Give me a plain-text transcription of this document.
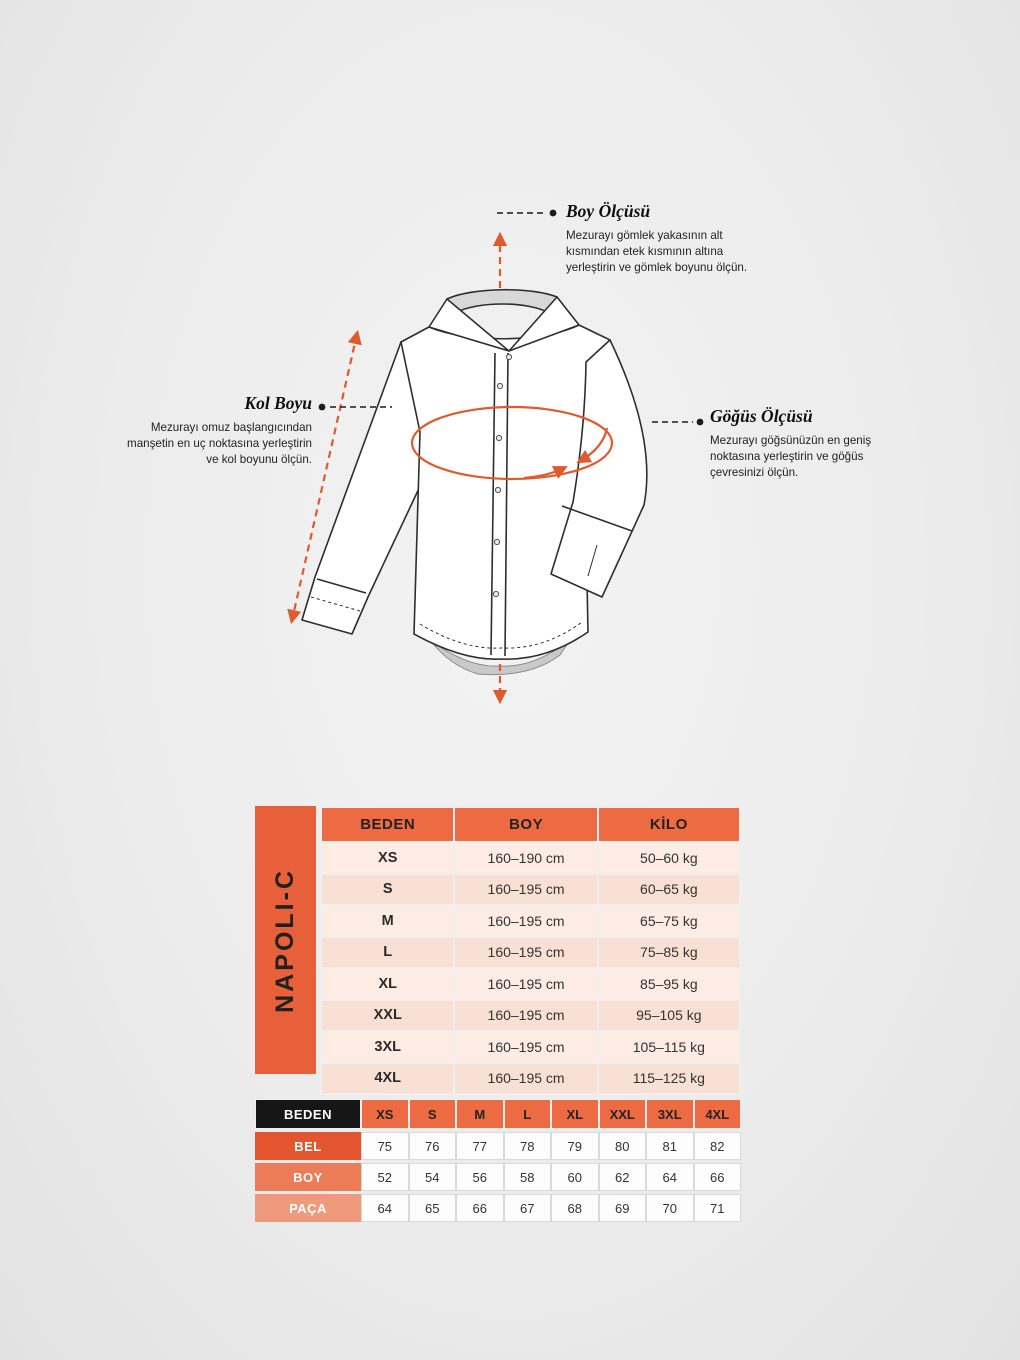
Boy Ölçüsü
Mezurayı gömlek yakasının alt kısmından etek kısmının altına yerleştirin ve gömlek boyunu ölçün.
Kol Boyu
Mezurayı omuz başlangıcından manşetin en uç noktasına yerleştirin ve kol boyunu ölçün.
Göğüs Ölçüsü
Mezurayı göğsünüzün en geniş noktasına yerleştirin ve göğüs çevresinizi ölçün.
NAPOLI-C
BEDEN	BOY	KİLO
XS	160–190 cm	50–60 kg
S	160–195 cm	60–65 kg
M	160–195 cm	65–75 kg
L	160–195 cm	75–85 kg
XL	160–195 cm	85–95 kg
XXL	160–195 cm	95–105 kg
3XL	160–195 cm	105–115 kg
4XL	160–195 cm	115–125 kg
BEDEN	XS	S	M	L	XL	XXL	3XL	4XL
BEL	75	76	77	78	79	80	81	82
BOY	52	54	56	58	60	62	64	66
PAÇA	64	65	66	67	68	69	70	71
